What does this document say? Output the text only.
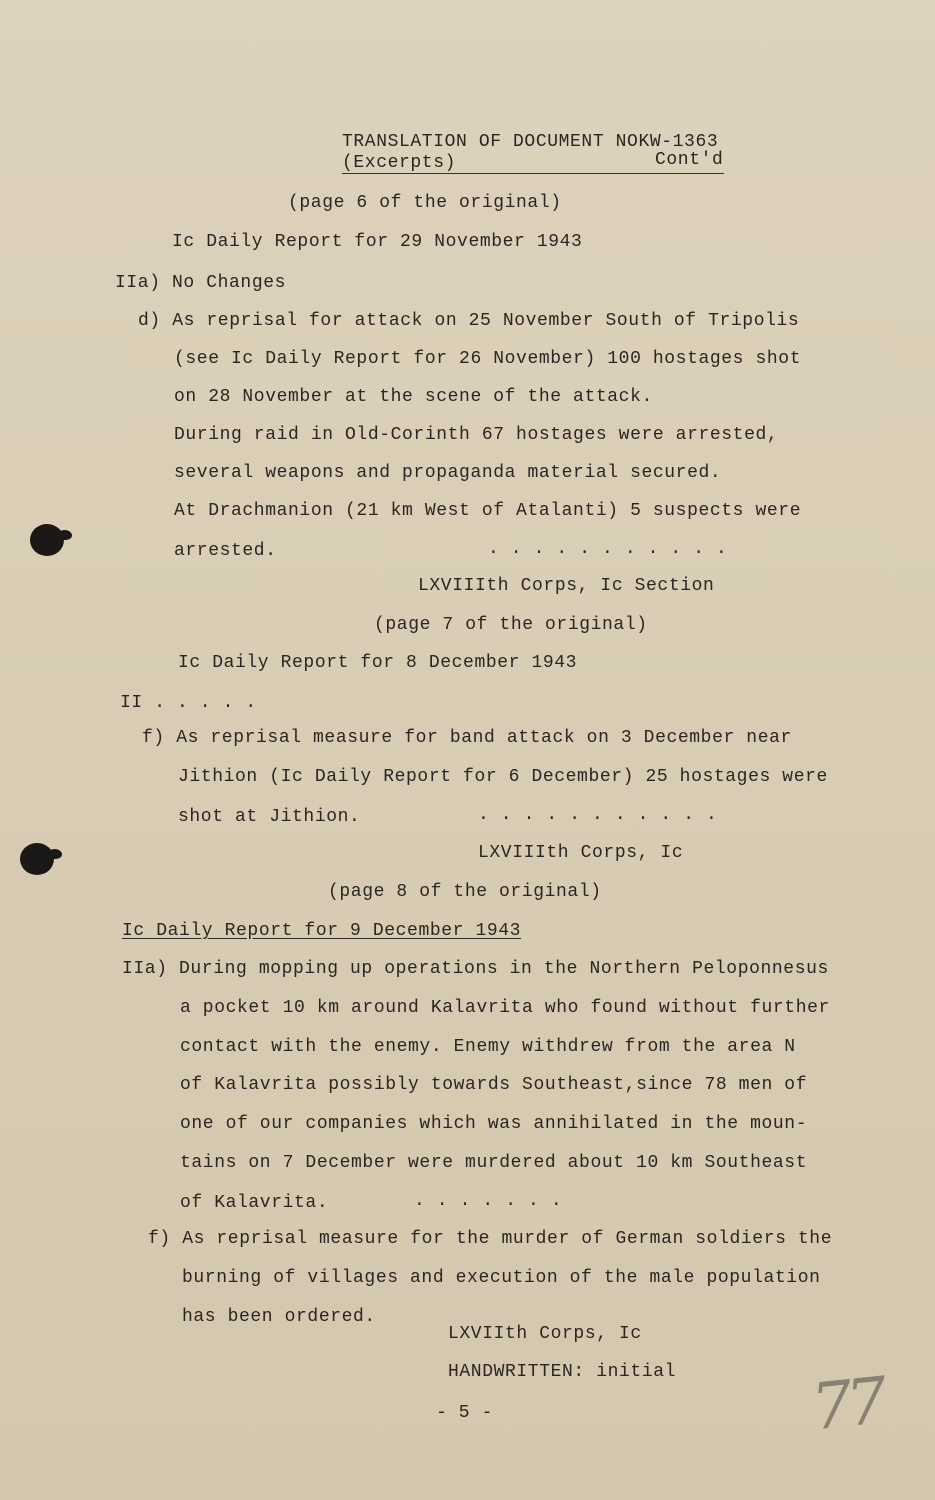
TRANSLATION OF DOCUMENT NOKW-1363
(Excerpts)	Cont'd
(page 6 of the original)
Ic Daily Report for 29 November 1943
IIa) No Changes
d) As reprisal for attack on 25 November South of Tripolis
(see Ic Daily Report for 26 November) 100 hostages shot
on 28 November at the scene of the attack.
During raid in Old-Corinth 67 hostages were arrested,
several weapons and propaganda material secured.
At Drachmanion (21 km West of Atalanti) 5 suspects were
arrested.	. . . . . . . . . . .
LXVIIIth Corps, Ic Section
(page 7 of the original)
Ic Daily Report for 8 December 1943
II . . . . .
f) As reprisal measure for band attack on 3 December near
Jithion (Ic Daily Report for 6 December) 25 hostages were
shot at Jithion.	. . . . . . . . . . .
LXVIIIth Corps, Ic
(page 8 of the original)
Ic Daily Report for 9 December 1943
IIa) During mopping up operations in the Northern Peloponnesus
a pocket 10 km around Kalavrita who found without further
contact with the enemy. Enemy withdrew from the area N
of Kalavrita possibly towards Southeast,since 78 men of
one of our companies which was annihilated in the moun-
tains on 7 December were murdered about 10 km Southeast
of Kalavrita.	. . . . . . .
f) As reprisal measure for the murder of German soldiers the
burning of villages and execution of the male population
has been ordered.
LXVIIth Corps, Ic
HANDWRITTEN: initial
- 5 -	77
